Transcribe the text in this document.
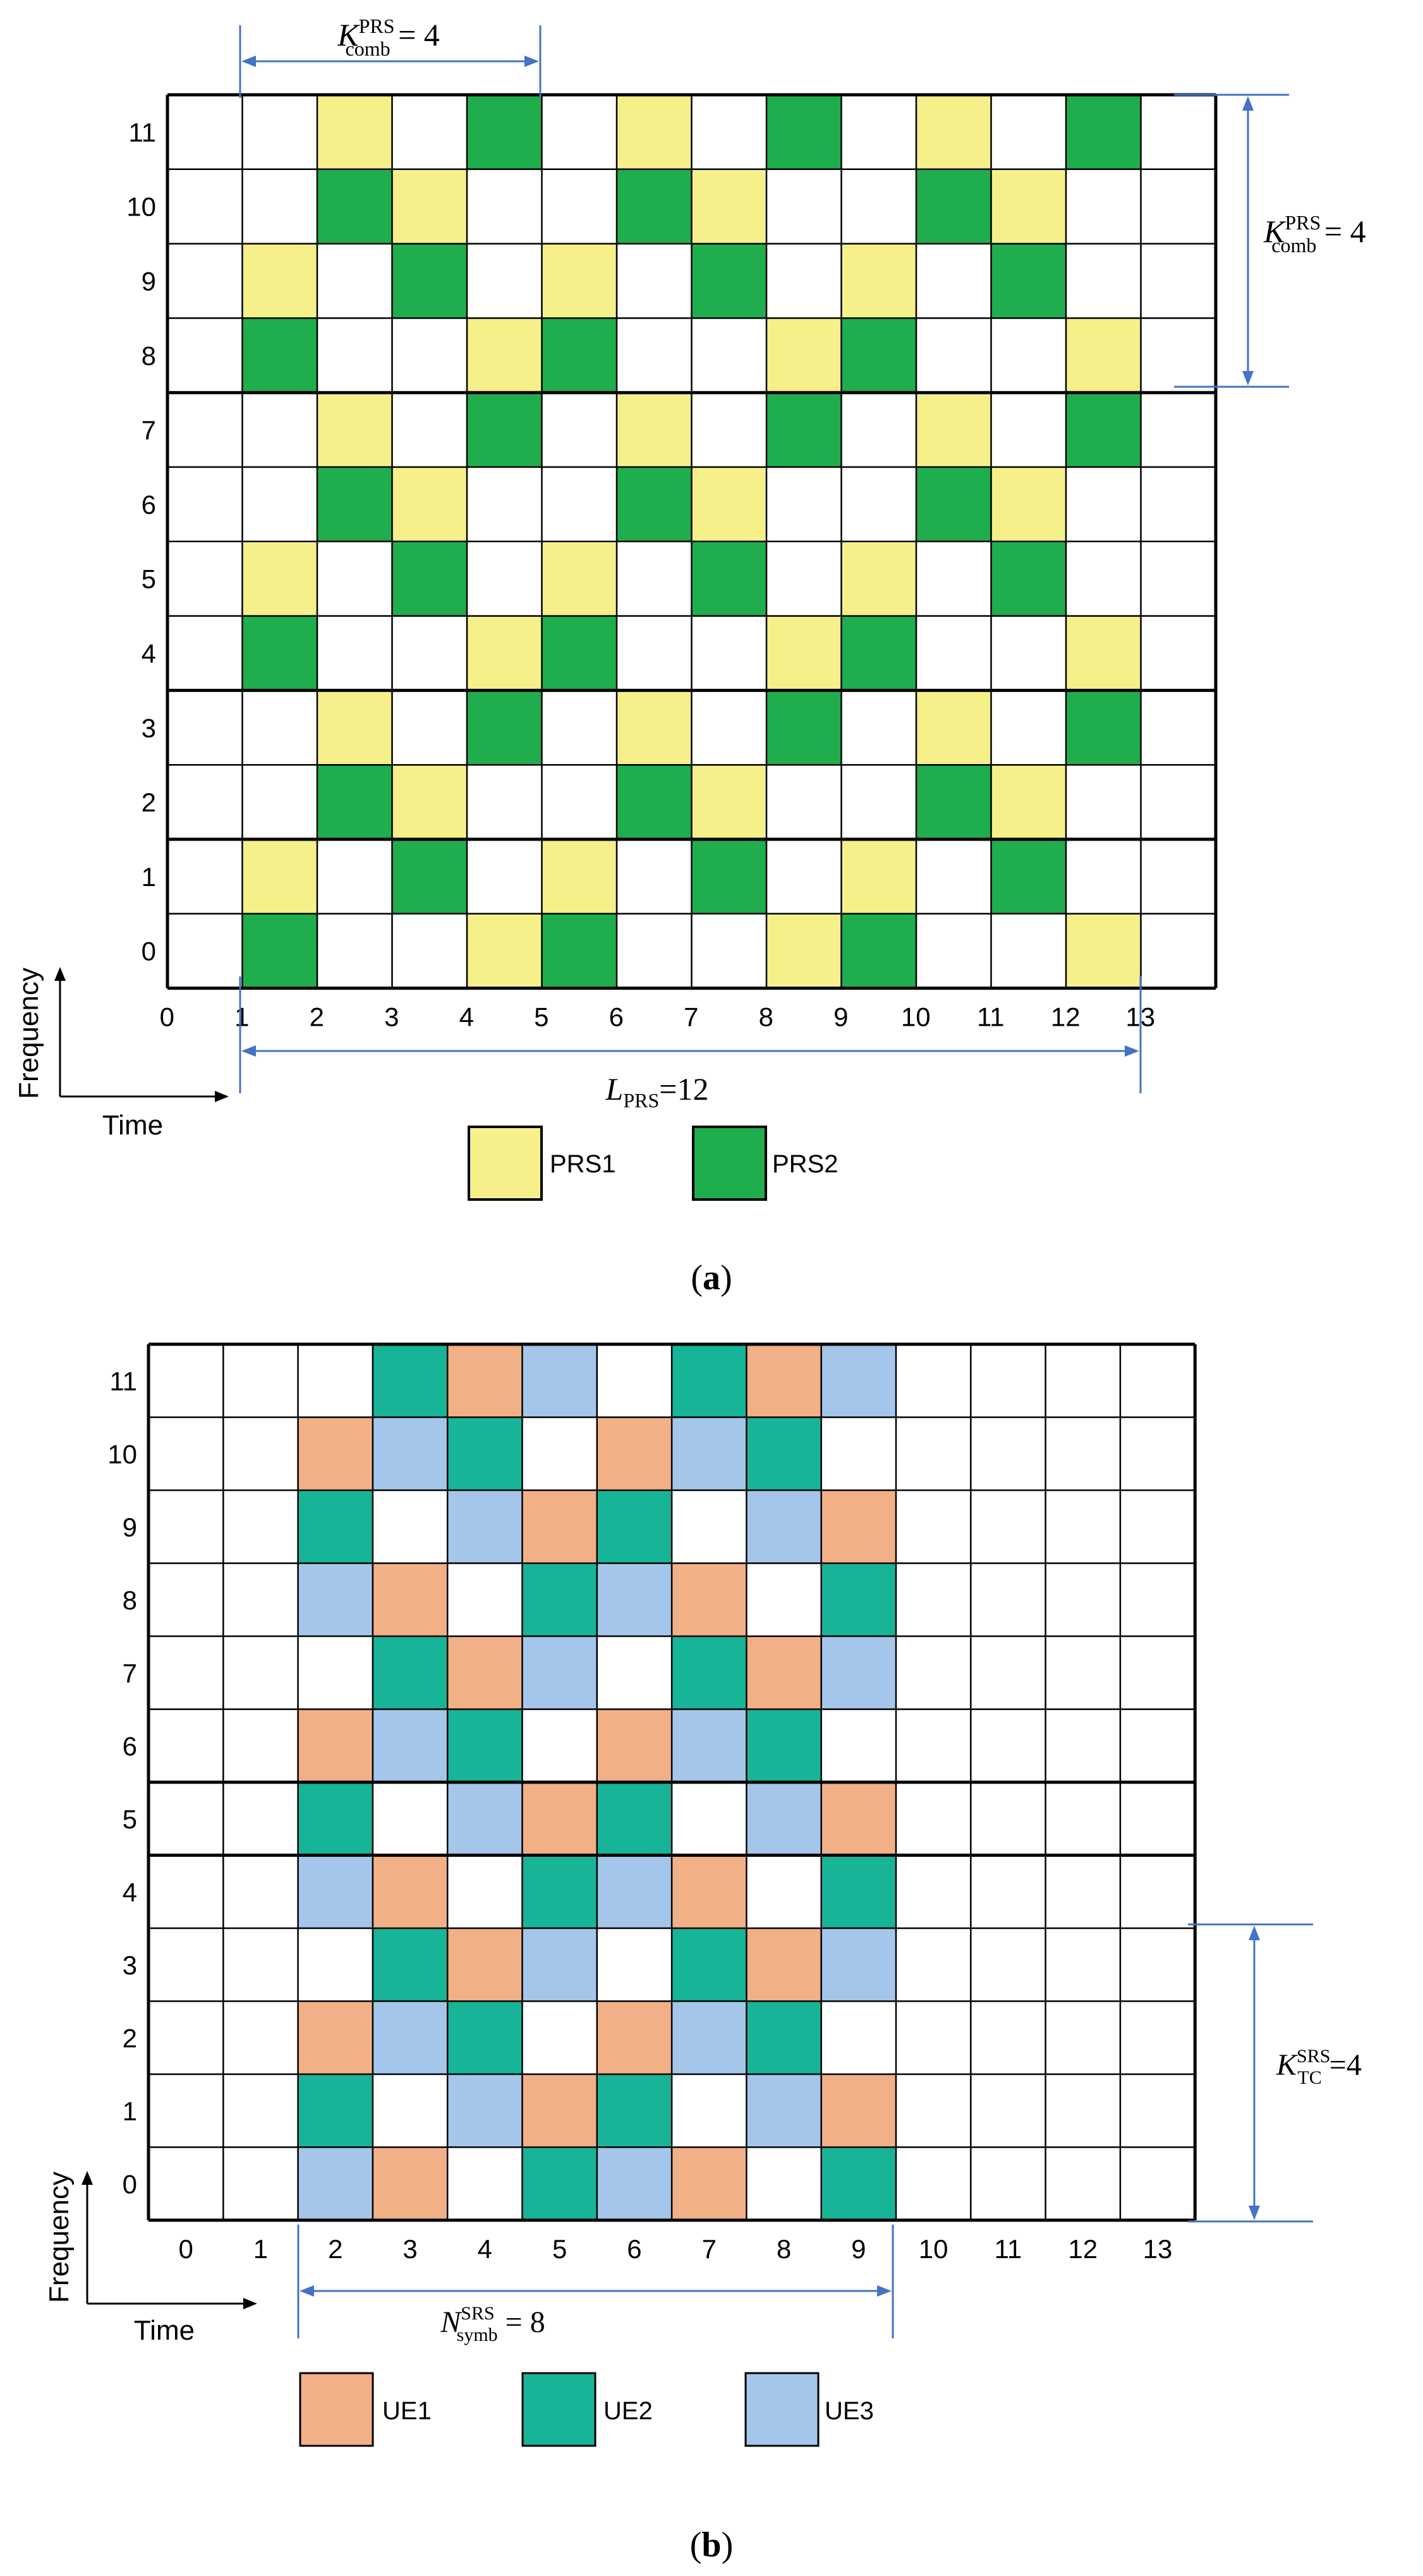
0 1 2 3 4 5 6 7 8 9 10 11 12 13
0
1
2
3
4
5
6
7
8
9
10
11
Frequency
Time
$K^{PRS}$ comb = 4
$K^{PRS}$ comb = 4
$L_{PRS}=12$
PRS1	PRS2
(a)
0 1 2 3 4 5 6 7 8 9 10 11 12 13
0
1
2
3
4
5
6
7
8
9
10
11
Frequency
Time	$N^{SRS}$ symb = 8
$K^{SRS}$ TC =4
UE1	UE2	UE3
(b)
